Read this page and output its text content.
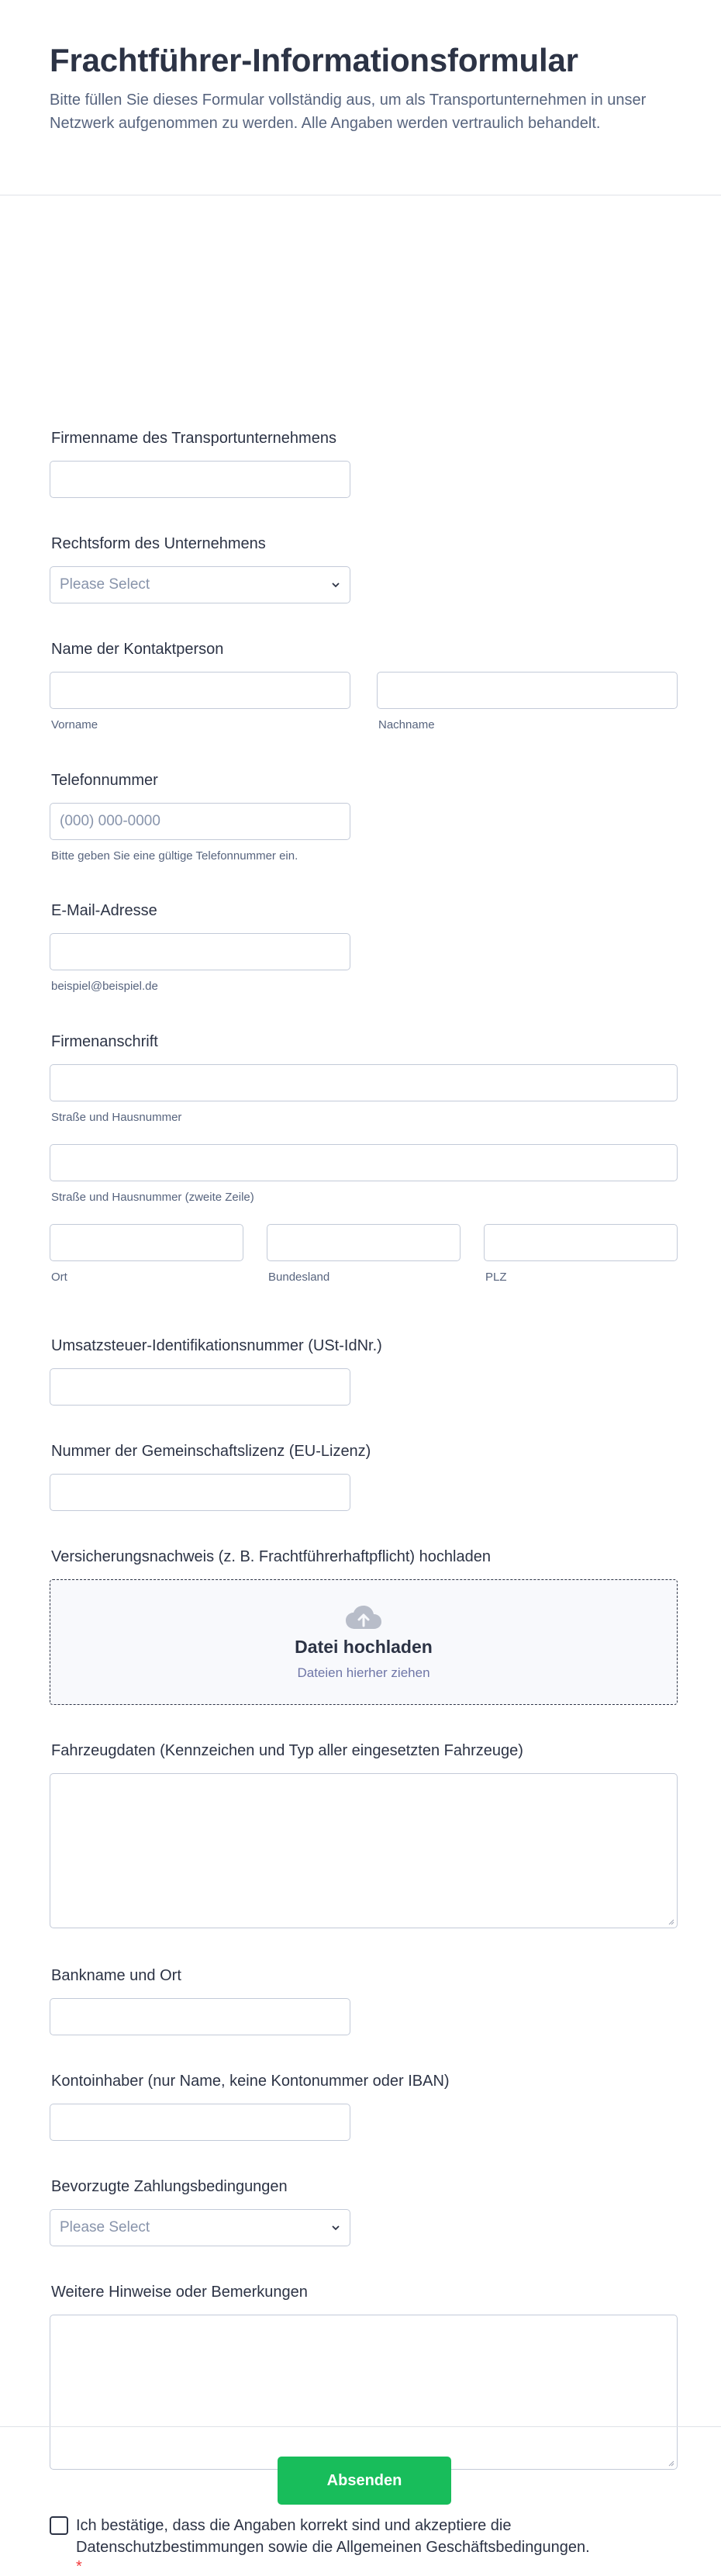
Frachtführer-Informationsformular

Bitte füllen Sie dieses Formular vollständig aus, um als Transportunternehmen in unser Netzwerk aufgenommen zu werden. Alle Angaben werden vertraulich behandelt.

Firmenname des Transportunternehmens
Rechtsform des Unternehmens
Please Select
Name der Kontaktperson
Vorname	Nachname
Telefonnummer
(000) 000-0000
Bitte geben Sie eine gültige Telefonnummer ein.
E-Mail-Adresse
beispiel@beispiel.de
Firmenanschrift
Straße und Hausnummer
Straße und Hausnummer (zweite Zeile)
Ort	Bundesland	PLZ
Umsatzsteuer-Identifikationsnummer (USt-IdNr.)
Nummer der Gemeinschaftslizenz (EU-Lizenz)
Versicherungsnachweis (z. B. Frachtführerhaftpflicht) hochladen
Datei hochladen
Dateien hierher ziehen
Fahrzeugdaten (Kennzeichen und Typ aller eingesetzten Fahrzeuge)
Bankname und Ort
Kontoinhaber (nur Name, keine Kontonummer oder IBAN)
Bevorzugte Zahlungsbedingungen
Please Select
Weitere Hinweise oder Bemerkungen
Ich bestätige, dass die Angaben korrekt sind und akzeptiere die Datenschutzbestimmungen sowie die Allgemeinen Geschäftsbedingungen.
*
Absenden
